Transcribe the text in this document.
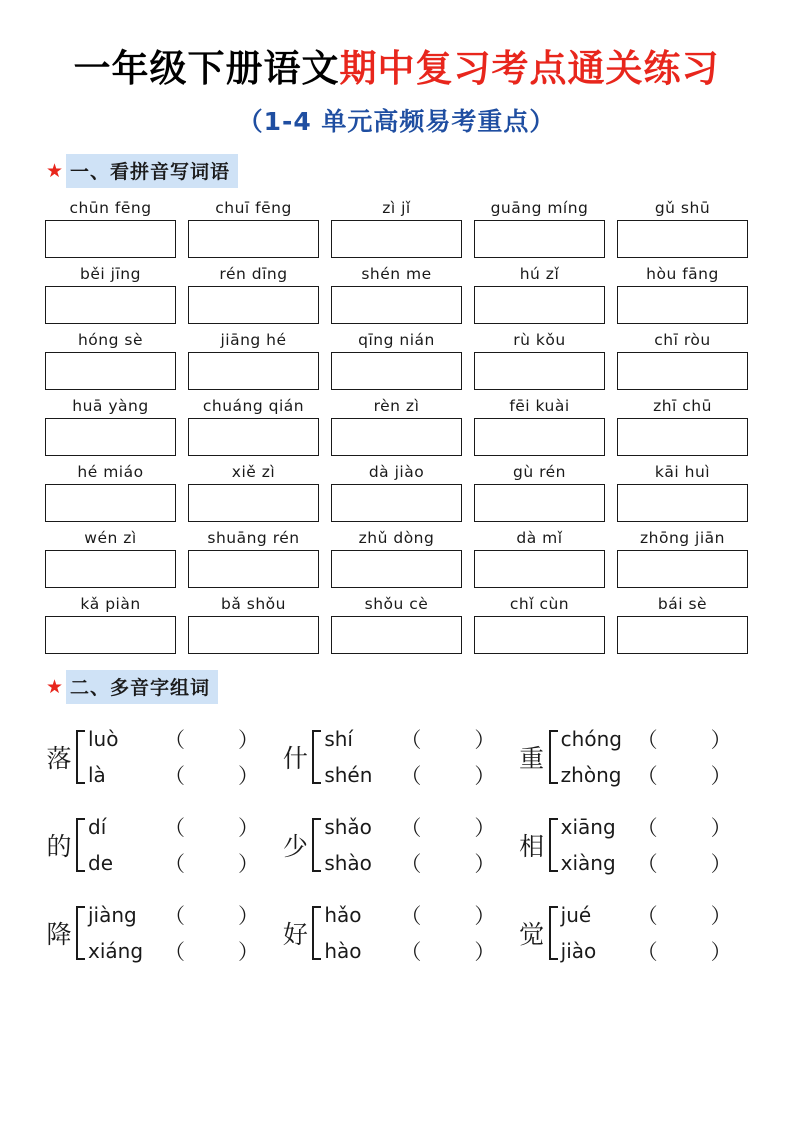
一年级下册语文 期中复习考点通关练习
（1-4 单元高频易考重点）
★ 一、看拼音写词语
chūn fēng	chuī fēng	zì jǐ	guāng míng	gǔ shū
běi jīng	rén dīng	shén me	hú zǐ	hòu fāng
hóng sè	jiāng hé	qīng nián	rù kǒu	chī ròu
huā yàng	chuáng qián	rèn zì	fēi kuài	zhī chū
hé miáo	xiě zì	dà jiào	gù rén	kāi huì
wén zì	shuāng rén	zhǔ dòng	dà mǐ	zhōng jiān
kǎ piàn	bǎ shǒu	shǒu cè	chǐ cùn	bái sè
★ 二、多音字组词
落
luò	（ ）
là	（ ）
什
shí	（ ）
shén	（ ）
重
chóng （ ）
zhòng （ ）
的
dí	（ ）
de	（ ）
少
shǎo	（ ）
shào	（ ）
相
xiāng （ ）
xiàng （ ）
降
jiàng	（ ）
xiáng （ ）
好
hǎo	（ ）
hào	（ ）
觉
jué	（ ）
jiào	（ ）
